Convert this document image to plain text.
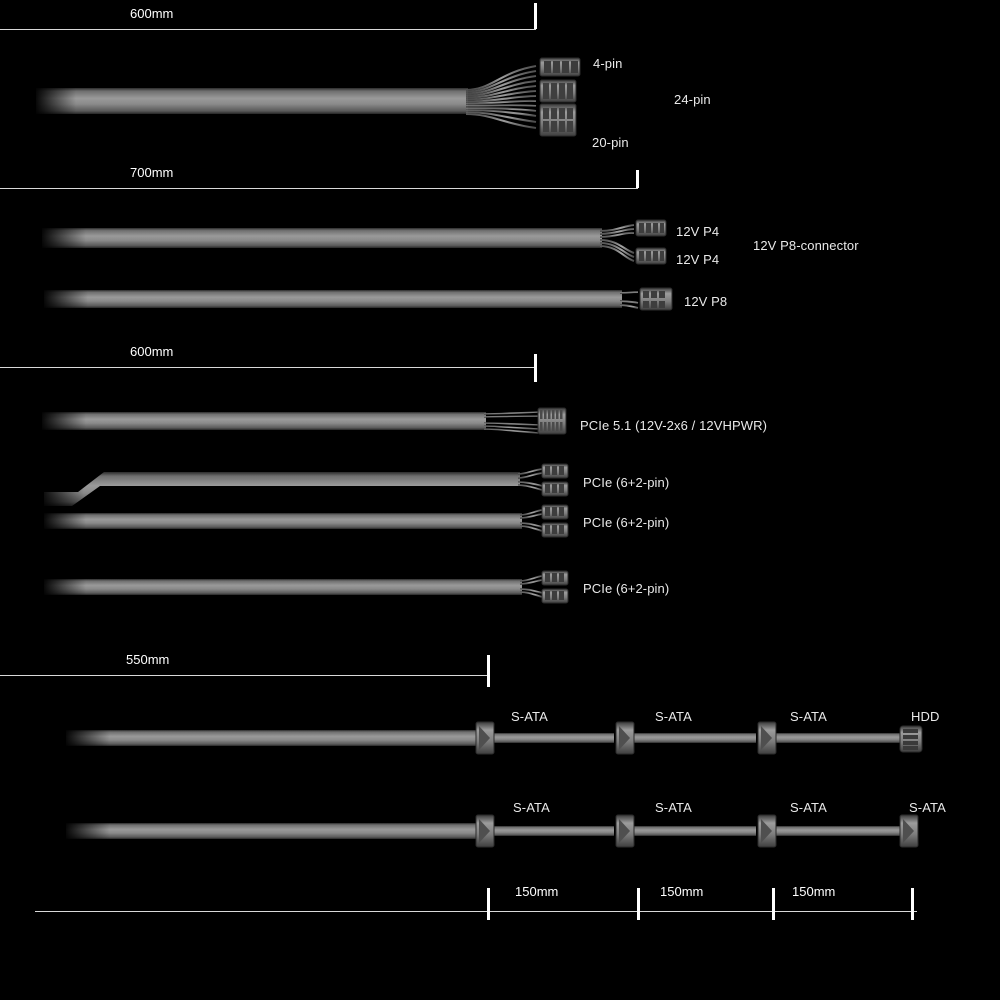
600mm
700mm
600mm
550mm
150mm	150mm	150mm
4-pin
24-pin
20-pin
12V P4
12V P8-connector
12V P4
12V P8
PCIe 5.1 (12V-2x6 / 12VHPWR)
PCIe (6+2-pin)
PCIe (6+2-pin)
PCIe (6+2-pin)
S-ATA	S-ATA	S-ATA	HDD
S-ATA	S-ATA	S-ATA	S-ATA
